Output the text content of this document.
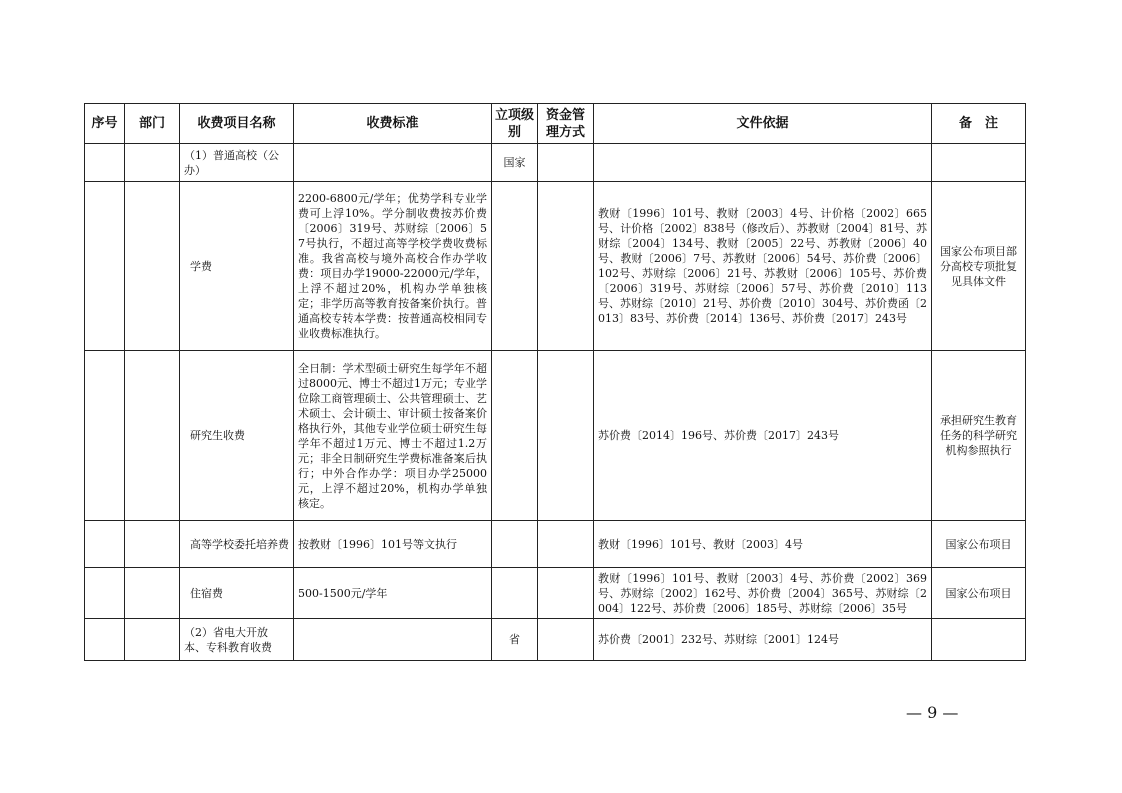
序号	部门	收费项目名称	收费标准	立项级别	资金管理方式	文件依据	备　注
		（1）普通高校（公办）		国家			
		学费	2200-6800元/学年；优势学科专业学费可上浮10%。学分制收费按苏价费〔2006〕319号、苏财综〔2006〕57号执行，不超过高等学校学费收费标准。我省高校与境外高校合作办学收费：项目办学19000-22000元/学年，上浮不超过20%，机构办学单独核定；非学历高等教育按备案价执行。普通高校专转本学费：按普通高校相同专业收费标准执行。			教财〔1996〕101号、教财〔2003〕4号、计价格〔2002〕665号、计价格〔2002〕838号（修改后）、苏教财〔2004〕81号、苏财综〔2004〕134号、教财〔2005〕22号、苏教财〔2006〕40号、教财〔2006〕7号、苏教财〔2006〕54号、苏价费〔2006〕102号、苏财综〔2006〕21号、苏教财〔2006〕105号、苏价费〔2006〕319号、苏财综〔2006〕57号、苏价费〔2010〕113号、苏财综〔2010〕21号、苏价费〔2010〕304号、苏价费函〔2013〕83号、苏价费〔2014〕136号、苏价费〔2017〕243号	国家公布项目部分高校专项批复见具体文件
		研究生收费	全日制：学术型硕士研究生每学年不超过8000元、博士不超过1万元；专业学位除工商管理硕士、公共管理硕士、艺术硕士、会计硕士、审计硕士按备案价格执行外，其他专业学位硕士研究生每学年不超过1万元、博士不超过1.2万元；非全日制研究生学费标准备案后执行；中外合作办学：项目办学25000元，上浮不超过20%，机构办学单独核定。			苏价费〔2014〕196号、苏价费〔2017〕243号	承担研究生教育任务的科学研究机构参照执行
		高等学校委托培养费	按教财〔1996〕101号等文执行			教财〔1996〕101号、教财〔2003〕4号	国家公布项目
		住宿费	500-1500元/学年			教财〔1996〕101号、教财〔2003〕4号、苏价费〔2002〕369号、苏财综〔2002〕162号、苏价费〔2004〕365号、苏财综〔2004〕122号、苏价费〔2006〕185号、苏财综〔2006〕35号	国家公布项目
		（2）省电大开放本、专科教育收费		省		苏价费〔2001〕232号、苏财综〔2001〕124号	
— 9 —
